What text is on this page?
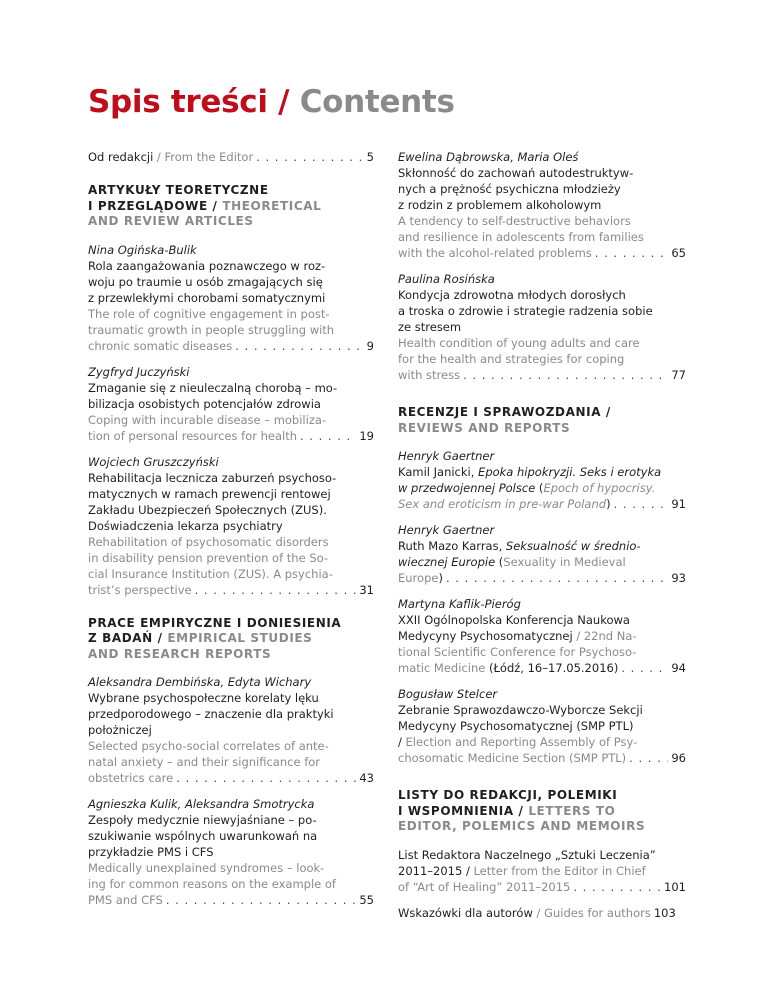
Spis treści / Contents
Od redakcji / From the Editor . . .	5
ARTYKUŁY TEORETYCZNE
I PRZEGLĄDOWE / THEORETICAL
AND REVIEW ARTICLES
Nina Ogińska-Bulik
Rola zaangażowania poznawczego w roz-
woju po traumie u osób zmagających się
z przewlekłymi chorobami somatycznymi
The role of cognitive engagement in post-
traumatic growth in people struggling with
chronic somatic diseases . . .	9
Zygfryd Juczyński
Zmaganie się z nieuleczalną chorobą – mo-
bilizacja osobistych potencjałów zdrowia
Coping with incurable disease – mobiliza-
tion of personal resources for health . . .	19
Wojciech Gruszczyński
Rehabilitacja lecznicza zaburzeń psychoso-
matycznych w ramach prewencji rentowej
Zakładu Ubezpieczeń Społecznych (ZUS).
Doświadczenia lekarza psychiatry
Rehabilitation of psychosomatic disorders
in disability pension prevention of the So-
cial Insurance Institution (ZUS). A psychia-
trist’s perspective . . .	31
PRACE EMPIRYCZNE I DONIESIENIA
Z BADAŃ / EMPIRICAL STUDIES
AND RESEARCH REPORTS
Aleksandra Dembińska, Edyta Wichary
Wybrane psychospołeczne korelaty lęku
przedporodowego – znaczenie dla praktyki
położniczej
Selected psycho-social correlates of ante-
natal anxiety – and their significance for
obstetrics care . . .	43
Agnieszka Kulik, Aleksandra Smotrycka
Zespoły medycznie niewyjaśniane – po-
szukiwanie wspólnych uwarunkowań na
przykładzie PMS i CFS
Medically unexplained syndromes – look-
ing for common reasons on the example of
PMS and CFS . . .	55
Ewelina Dąbrowska, Maria Oleś
Skłonność do zachowań autodestruktyw-
nych a prężność psychiczna młodzieży
z rodzin z problemem alkoholowym
A tendency to self-destructive behaviors
and resilience in adolescents from families
with the alcohol-related problems . . .	65
Paulina Rosińska
Kondycja zdrowotna młodych dorosłych
a troska o zdrowie i strategie radzenia sobie
ze stresem
Health condition of young adults and care
for the health and strategies for coping
with stress . . .	77
RECENZJE I SPRAWOZDANIA /
REVIEWS AND REPORTS
Henryk Gaertner
Kamil Janicki, Epoka hipokryzji. Seks i erotyka
w przedwojennej Polsce (Epoch of hypocrisy.
Sex and eroticism in pre-war Poland ) . . .	91
Henryk Gaertner
Ruth Mazo Karras, Seksualność w średnio-
wiecznej Europie (Sexuality in Medieval
Europe ) . . .	93
Martyna Kaflik-Pieróg
XXII Ogólnopolska Konferencja Naukowa
Medycyny Psychosomatycznej / 22nd Na-
tional Scientific Conference for Psychoso-
matic Medicine (Łódź, 16–17.05.2016) . . .	94
Bogusław Stelcer
Zebranie Sprawozdawczo-Wyborcze Sekcji
Medycyny Psychosomatycznej (SMP PTL)
/ Election and Reporting Assembly of Psy-
chosomatic Medicine Section (SMP PTL) . . .	96
LISTY DO REDAKCJI, POLEMIKI
I WSPOMNIENIA / LETTERS TO
EDITOR, POLEMICS AND MEMOIRS
List Redaktora Naczelnego „Sztuki Leczenia”
2011–2015 / Letter from the Editor in Chief
of “Art of Healing” 2011–2015 . . .	101
Wskazówki dla autorów / Guides for authors 103
